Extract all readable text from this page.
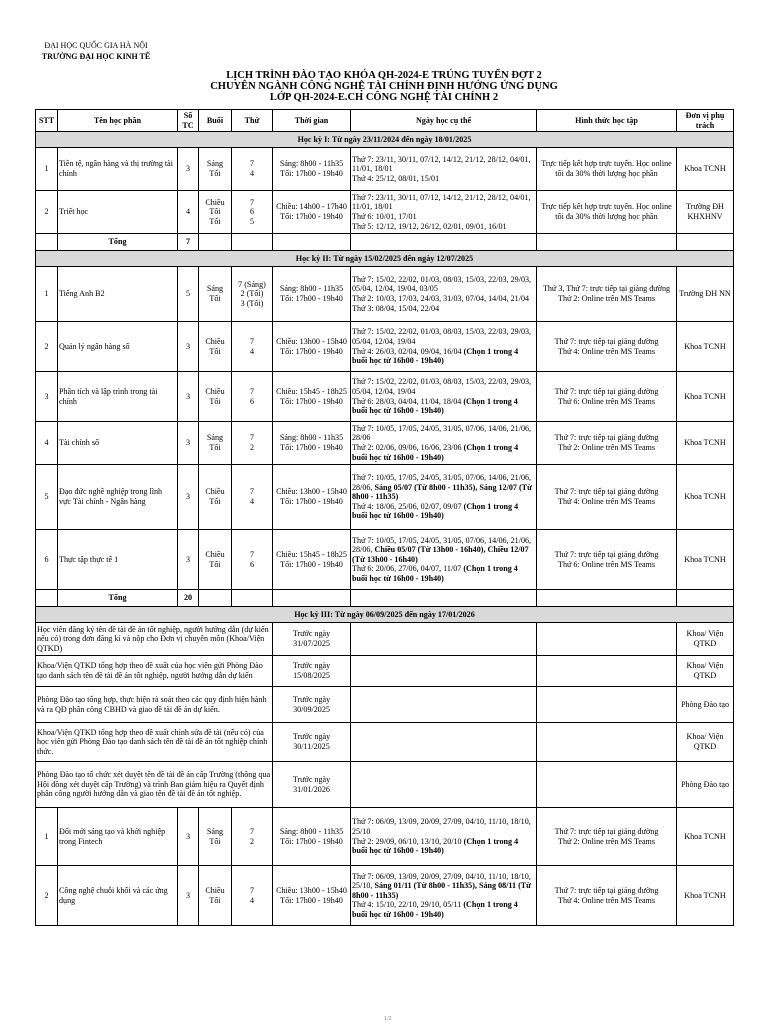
ĐẠI HỌC QUỐC GIA HÀ NỘI
TRƯỜNG ĐẠI HỌC KINH TẾ
LỊCH TRÌNH ĐÀO TẠO KHÓA QH-2024-E TRÚNG TUYỂN ĐỢT 2
CHUYÊN NGÀNH CÔNG NGHỆ TÀI CHÍNH ĐỊNH HƯỚNG ỨNG DỤNG
LỚP QH-2024-E.CH CÔNG NGHỆ TÀI CHÍNH 2
STT	Tên học phần	Số TC	Buổi	Thứ	Thời gian	Ngày học cụ thể	Hình thức học tập	Đơn vị phụ trách
Học kỳ I: Từ ngày 23/11/2024 đến ngày 18/01/2025								
1	Tiền tệ, ngân hàng và thị trường tài chính	3	Sáng
Tối	7
4	Sáng: 8h00 - 11h35
Tối: 17h00 - 19h40	Thứ 7: 23/11, 30/11, 07/12, 14/12, 21/12, 28/12, 04/01, 11/01, 18/01
Thứ 4: 25/12, 08/01, 15/01	Trực tiếp kết hợp trực tuyến. Học online tối đa 30% thời lượng học phần	Khoa TCNH
2	Triết học	4	Chiều
Tối
Tối	7
6
5	Chiều: 14h00 - 17h40
Tối: 17h00 - 19h40	Thứ 7: 23/11, 30/11, 07/12, 14/12, 21/12, 28/12, 04/01, 11/01, 18/01
Thứ 6: 10/01, 17/01
Thứ 5: 12/12, 19/12, 26/12, 02/01, 09/01, 16/01	Trực tiếp kết hợp trực tuyến. Học online tối đa 30% thời lượng học phần	Trường ĐH KHXHNV
	Tổng	7						
Học kỳ II: Từ ngày 15/02/2025 đến ngày 12/07/2025								
1	Tiếng Anh B2	5	Sáng
Tối	7 (Sáng)
2 (Tối)
3 (Tối)	Sáng: 8h00 - 11h35
Tối: 17h00 - 19h40	Thứ 7: 15/02, 22/02, 01/03, 08/03, 15/03, 22/03, 29/03, 05/04, 12/04, 19/04, 03/05
Thứ 2: 10/03, 17/03, 24/03, 31/03, 07/04, 14/04, 21/04
Thứ 3: 08/04, 15/04, 22/04	Thứ 3, Thứ 7: trực tiếp tại giảng đường
Thứ 2: Online trên MS Teams	Trường ĐH NN
2	Quản lý ngân hàng số	3	Chiều
Tối	7
4	Chiều: 13h00 - 15h40
Tối: 17h00 - 19h40	Thứ 7: 15/02, 22/02, 01/03, 08/03, 15/03, 22/03, 29/03, 05/04, 12/04, 19/04
Thứ 4: 26/03, 02/04, 09/04, 16/04 (Chọn 1 trong 4 buổi học từ 16h00 - 19h40)	Thứ 7: trực tiếp tại giảng đường
Thứ 4: Online trên MS Teams	Khoa TCNH
3	Phân tích và lập trình trong tài chính	3	Chiều
Tối	7
6	Chiều: 15h45 - 18h25
Tối: 17h00 - 19h40	Thứ 7: 15/02, 22/02, 01/03, 08/03, 15/03, 22/03, 29/03, 05/04, 12/04, 19/04
Thứ 6: 28/03, 04/04, 11/04, 18/04 (Chọn 1 trong 4 buổi học từ 16h00 - 19h40)	Thứ 7: trực tiếp tại giảng đường
Thứ 6: Online trên MS Teams	Khoa TCNH
4	Tài chính số	3	Sáng
Tối	7
2	Sáng: 8h00 - 11h35
Tối: 17h00 - 19h40	Thứ 7: 10/05, 17/05, 24/05, 31/05, 07/06, 14/06, 21/06, 28/06
Thứ 2: 02/06, 09/06, 16/06, 23/06 (Chọn 1 trong 4 buổi học từ 16h00 - 19h40)	Thứ 7: trực tiếp tại giảng đường
Thứ 2: Online trên MS Teams	Khoa TCNH
5	Đạo đức nghề nghiệp trong lĩnh vực Tài chính - Ngân hàng	3	Chiều
Tối	7
4	Chiều: 13h00 - 15h40
Tối: 17h00 - 19h40	Thứ 7: 10/05, 17/05, 24/05, 31/05, 07/06, 14/06, 21/06, 28/06, Sáng 05/07 (Từ 8h00 - 11h35), Sáng 12/07 (Từ 8h00 - 11h35)
Thứ 4: 18/06, 25/06, 02/07, 09/07 (Chọn 1 trong 4 buổi học từ 16h00 - 19h40)	Thứ 7: trực tiếp tại giảng đường
Thứ 4: Online trên MS Teams	Khoa TCNH
6	Thực tập thực tế 1	3	Chiều
Tối	7
6	Chiều: 15h45 - 18h25
Tối: 17h00 - 19h40	Thứ 7: 10/05, 17/05, 24/05, 31/05, 07/06, 14/06, 21/06, 28/06, Chiều 05/07 (Từ 13h00 - 16h40), Chiều 12/07 (Từ 13h00 - 16h40)
Thứ 6: 20/06, 27/06, 04/07, 11/07 (Chọn 1 trong 4 buổi học từ 16h00 - 19h40)	Thứ 7: trực tiếp tại giảng đường
Thứ 6: Online trên MS Teams	Khoa TCNH
	Tổng	20						
Học kỳ III: Từ ngày 06/09/2025 đến ngày 17/01/2026								
Học viên đăng ký tên đề tài đề án tốt nghiệp, người hướng dẫn (dự kiến nếu có) trong đơn đăng kí và nộp cho Đơn vị chuyên môn (Khoa/Viện QTKD)					Trước ngày
31/07/2025			Khoa/ Viện
QTKD
Khoa/Viện QTKD tổng hợp theo đề xuất của học viên gửi Phòng Đào tạo danh sách tên đề tài đề án tốt nghiệp, người hướng dẫn dự kiến					Trước ngày
15/08/2025			Khoa/ Viện
QTKD
Phòng Đào tạo tổng hợp, thực hiện rà soát theo các quy định hiện hành và ra QĐ phân công CBHD và giao đề tài đề án dự kiến.					Trước ngày
30/09/2025			Phòng Đào tạo
Khoa/Viện QTKD tổng hợp theo đề xuất chỉnh sửa đề tài (nếu có) của học viên gửi Phòng Đào tạo danh sách tên đề tài đề án tốt nghiệp chính thức.					Trước ngày
30/11/2025			Khoa/ Viện
QTKD
Phòng Đào tạo tổ chức xét duyệt tên đề tài đề án cấp Trường (thông qua Hội đồng xét duyệt cấp Trường) và trình Ban giám hiệu ra Quyết định phân công người hướng dẫn và giao tên đề tài đề án tốt nghiệp.					Trước ngày
31/01/2026			Phòng Đào tạo
1	Đổi mới sáng tạo và khởi nghiệp trong Fintech	3	Sáng
Tối	7
2	Sáng: 8h00 - 11h35
Tối: 17h00 - 19h40	Thứ 7: 06/09, 13/09, 20/09, 27/09, 04/10, 11/10, 18/10, 25/10
Thứ 2: 29/09, 06/10, 13/10, 20/10 (Chọn 1 trong 4 buổi học từ 16h00 - 19h40)	Thứ 7: trực tiếp tại giảng đường
Thứ 2: Online trên MS Teams	Khoa TCNH
2	Công nghệ chuỗi khối và các ứng dụng	3	Chiều
Tối	7
4	Chiều: 13h00 - 15h40
Tối: 17h00 - 19h40	Thứ 7: 06/09, 13/09, 20/09, 27/09, 04/10, 11/10, 18/10, 25/10, Sáng 01/11 (Từ 8h00 - 11h35), Sáng 08/11 (Từ 8h00 - 11h35)
Thứ 4: 15/10, 22/10, 29/10, 05/11 (Chọn 1 trong 4 buổi học từ 16h00 - 19h40)	Thứ 7: trực tiếp tại giảng đường
Thứ 4: Online trên MS Teams	Khoa TCNH
1/2
